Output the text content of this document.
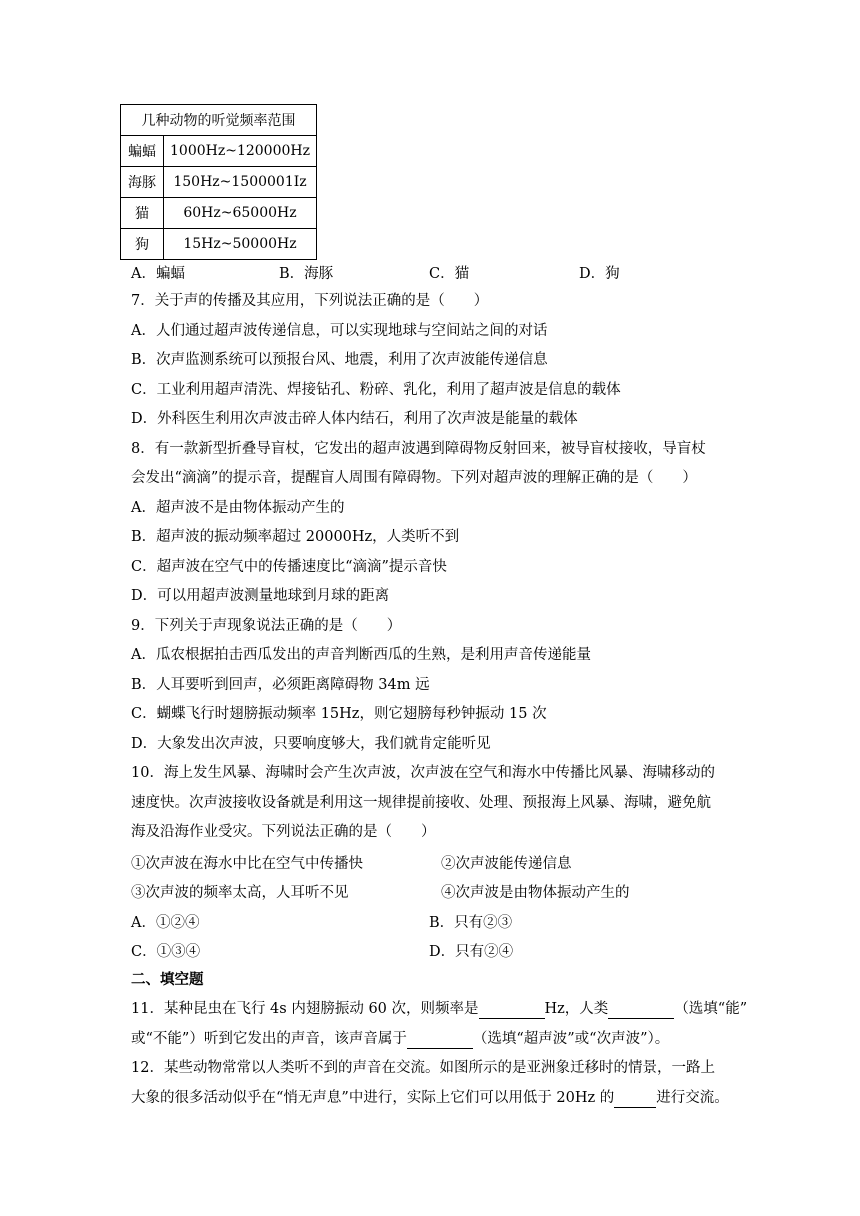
几种动物的听觉频率范围	
蝙蝠	1000Hz~120000Hz
海豚	150Hz~1500001Iz
猫	60Hz~65000Hz
狗	15Hz~50000Hz
A．蝙蝠	B．海豚	C．猫	D．狗
7．关于声的传播及其应用，下列说法正确的是（　　）
A．人们通过超声波传递信息，可以实现地球与空间站之间的对话
B．次声监测系统可以预报台风、地震，利用了次声波能传递信息
C．工业利用超声清洗、焊接钻孔、粉碎、乳化，利用了超声波是信息的载体
D．外科医生利用次声波击碎人体内结石，利用了次声波是能量的载体
8．有一款新型折叠导盲杖，它发出的超声波遇到障碍物反射回来，被导盲杖接收，导盲杖
会发出“滴滴”的提示音，提醒盲人周围有障碍物。下列对超声波的理解正确的是（　　）
A．超声波不是由物体振动产生的
B．超声波的振动频率超过 20000Hz，人类听不到
C．超声波在空气中的传播速度比“滴滴”提示音快
D．可以用超声波测量地球到月球的距离
9．下列关于声现象说法正确的是（　　）
A．瓜农根据拍击西瓜发出的声音判断西瓜的生熟，是利用声音传递能量
B．人耳要听到回声，必须距离障碍物 34m 远
C．蝴蝶飞行时翅膀振动频率 15Hz，则它翅膀每秒钟振动 15 次
D．大象发出次声波，只要响度够大，我们就肯定能听见
10．海上发生风暴、海啸时会产生次声波，次声波在空气和海水中传播比风暴、海啸移动的
速度快。次声波接收设备就是利用这一规律提前接收、处理、预报海上风暴、海啸，避免航
海及沿海作业受灾。下列说法正确的是（　　）
①次声波在海水中比在空气中传播快	②次声波能传递信息
③次声波的频率太高，人耳听不见	④次声波是由物体振动产生的
A．①②④	B．只有②③
C．①③④	D．只有②④
二、填空题
11．某种昆虫在飞行 4s 内翅膀振动 60 次，则频率是	Hz，人类	（选填“能”
或“不能”）听到它发出的声音，该声音属于	（选填“超声波”或“次声波”）。
12．某些动物常常以人类听不到的声音在交流。如图所示的是亚洲象迁移时的情景，一路上
大象的很多活动似乎在“悄无声息”中进行，实际上它们可以用低于 20Hz 的	进行交流。
